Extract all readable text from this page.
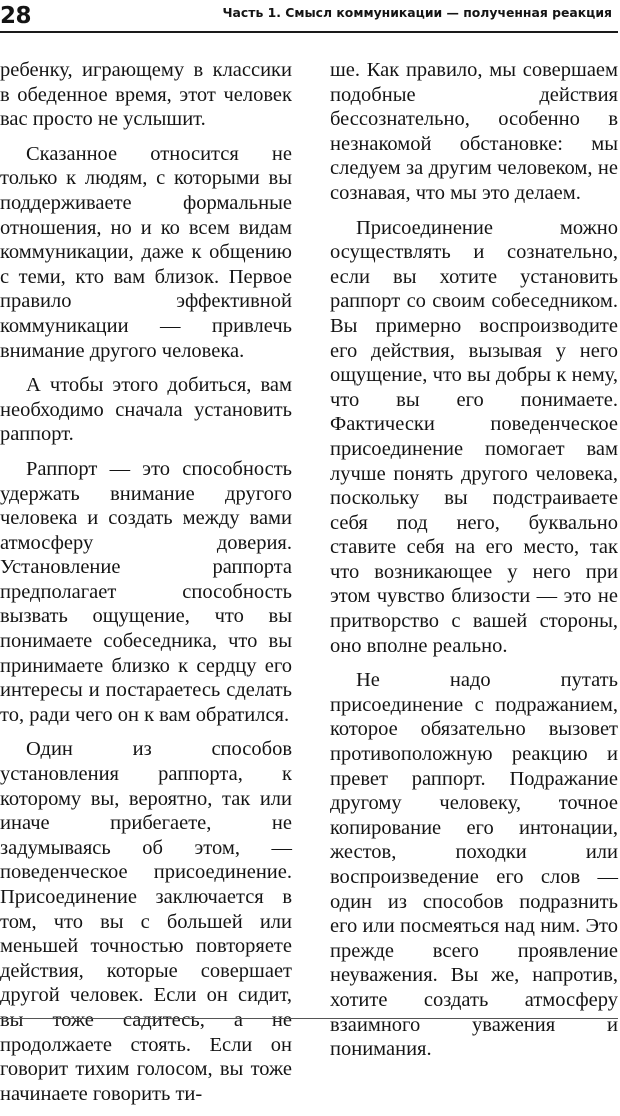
28	Часть 1. Смысл коммуникации — полученная реакция

ребенку, играющему в классики в обеденное время, этот человек вас просто не услышит.

Сказанное относится не только к людям, с которыми вы поддерживаете формальные отношения, но и ко всем видам коммуникации, даже к общению с теми, кто вам близок. Первое правило эффективной коммуникации — привлечь внимание другого человека.

А чтобы этого добиться, вам необходимо сначала установить раппорт.

Раппорт — это способность удержать внимание другого человека и создать между вами атмосферу доверия. Установление раппорта предполагает способность вызвать ощущение, что вы понимаете собеседника, что вы принимаете близко к сердцу его интересы и постараетесь сделать то, ради чего он к вам обратился.

Один из способов установления раппорта, к которому вы, вероятно, так или иначе прибегаете, не задумываясь об этом, — поведенческое присоединение. Присоединение заключается в том, что вы с большей или меньшей точностью повторяете действия, которые совершает другой человек. Если он сидит, вы тоже садитесь, а не продолжаете стоять. Если он говорит тихим голосом, вы тоже начинаете говорить ти-

ше. Как правило, мы совершаем подобные действия бессознательно, особенно в незнакомой обстановке: мы следуем за другим человеком, не сознавая, что мы это делаем.

Присоединение можно осуществлять и сознательно, если вы хотите установить раппорт со своим собеседником. Вы примерно воспроизводите его действия, вызывая у него ощущение, что вы добры к нему, что вы его понимаете. Фактически поведенческое присоединение помогает вам лучше понять другого человека, поскольку вы подстраиваете себя под него, буквально ставите себя на его место, так что возникающее у него при этом чувство близости — это не притворство с вашей стороны, оно вполне реально.

Не надо путать присоединение с подражанием, которое обязательно вызовет противоположную реакцию и превет раппорт. Подражание другому человеку, точное копирование его интонации, жестов, походки или воспроизведение его слов — один из способов подразнить его или посмеяться над ним. Это прежде всего проявление неуважения. Вы же, напротив, хотите создать атмосферу взаимного уважения и понимания.
